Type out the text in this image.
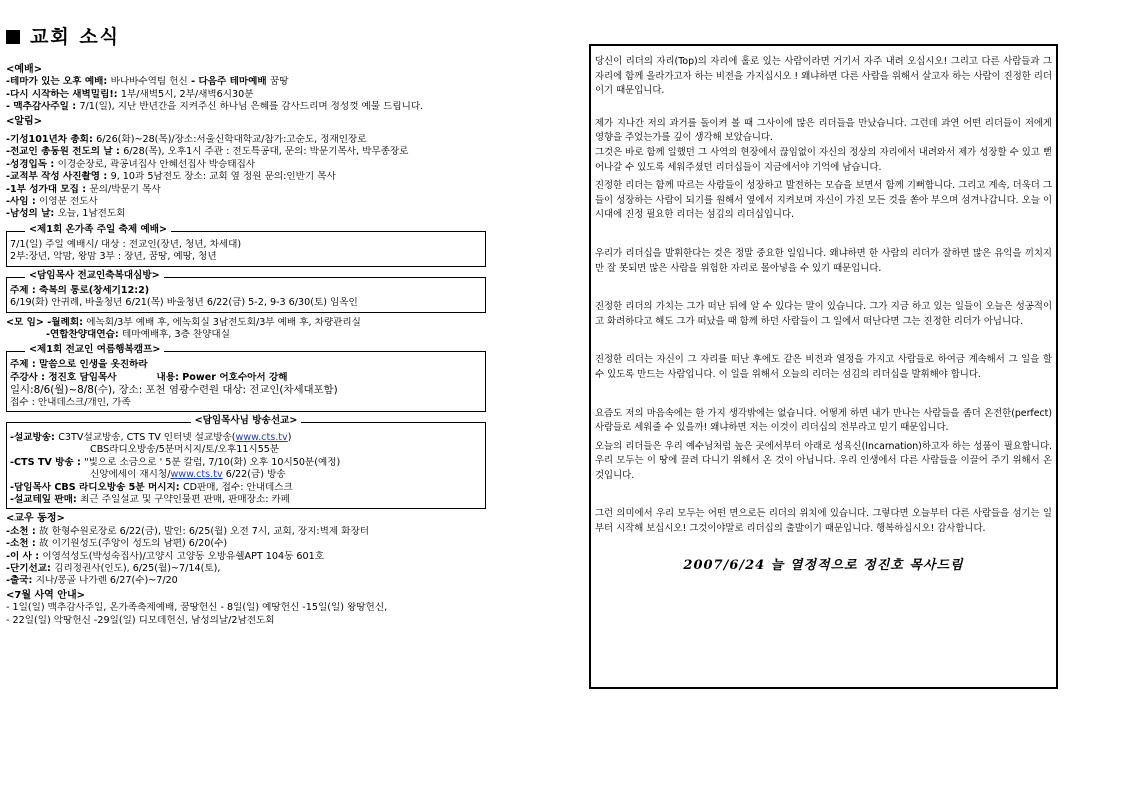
교회 소식
<예배>
-테마가 있는 오후 예배: 바나바수역팀 헌신 - 다음주 테마예배 꿈땅
-다시 시작하는 새벽밀림!: 1부/새벽5시, 2부/새벽6시30분
- 맥추감사주일 : 7/1(일), 지난 반년간을 지켜주신 하나님 은혜를 감사드리며 정성껏 예물 드립니다.
<알림>
-기성101년차 총회: 6/26(화)~28(목)/장소:서울신학대학교/참가:고순도, 정재인장로
-전교인 총동원 전도의 날 : 6/28(목), 오후1시 주관 : 전도특공대, 문의: 박문기목사, 박무종장로
-성경입독 : 이경순장로, 곽공녀집사 안혜선집사 박승태집사
-교적부 작성 사진촬영 : 9, 10과 5남전도 장소: 교회 옆 정원 문의:인반기 목사
-1부 성가대 모집 : 문의/박문기 목사
-사임 : 이영분 전도사
-남성의 날: 오늘, 1남전도회
<제1회 온가족 주일 축제 예배>
7/1(일) 주일 예배시/ 대상 : 전교인(장년, 청년, 차세대)
2부:장년, 악맘, 왕맘 3부 : 장년, 꿈땅, 예땅, 청년
<담임목사 전교인축복대심방>
주제 : 축복의 통로(창세기12:2)
6/19(화) 안귀례, 바울청년 6/21(목) 바울청년 6/22(금) 5-2, 9-3 6/30(토) 임옥인
<모 임> -월례회: 에녹회/3부 예배 후, 에녹회실 3남전도회/3부 예배 후, 차량관리실
-연합찬양대연습: 테마예배후, 3층 찬양대실
<제1회 전교인 여름행복캠프>
주제 : 말씀으로 인생을 옷진하라
주강사 : 정진호 담임목사	내용: Power 어호수아서 강해
일시:8/6(월)~8/8(수), 장소: 포천 염광수련원 대상: 전교인(차세대포함)
접수 : 안내데스크/개인, 가족
<담임목사님 방송선교>
-설교방송: C3TV설교방송, CTS TV 인터넷 설교방송(www.cts.tv)
CBS라디오방송/5분머시지/토/오후11시55분
-CTS TV 방송 : "빛으로 소금으로 ' 5분 칼럼, 7/10(화) 오후 10시50분(예정)
신앙에세이 재시청/www.cts.tv 6/22(금) 방송
-담임목사 CBS 라디오방송 5분 머시지: CD판매, 접수: 안내데스크
-설교테잎 판매: 최근 주일설교 및 구약인물편 판매, 판매장소: 카페
<교우 동정>
-소천 : 故 한형수원로장로 6/22(금), 발인: 6/25(월) 오전 7시, 교회, 장지:벽제 화장터
-소천 : 故 이기원성도(주앙이 성도의 남편) 6/20(수)
-이 사 : 이영석성도(박성숙집사)/고양시 고양동 오방유쉘APT 104동 601호
-단기선교: 김리정권사(인도), 6/25(월)~7/14(토),
-출국: 지나/몽골 나가렌 6/27(수)~7/20
<7월 사역 안내>
- 1일(일) 맥추감사주일, 온가족축제예배, 꿈땅헌신 - 8일(일) 예땅헌신 -15일(일) 왕땅헌신,
- 22일(일) 악땅헌신 -29일(일) 디모데헌신, 남성의날/2남전도회

당신이 리더의 자리(Top)의 자리에 홀로 있는 사람이라면 거기서 자주 내려 오십시오! 그리고 다른 사람들과 그 자리에 함께 올라가고자 하는 비전을 가지십시오 ! 왜냐하면 다른 사람을 위해서 살고자 하는 사람이 진정한 리더이기 때문입니다.

제가 지나간 저의 과거를 돌이켜 볼 때 그사이에 많은 리더들을 만났습니다. 그런데 과연 어떤 리더들이 저에게 영향을 주었는가를 깊이 생각해 보았습니다.

그것은 바로 함께 일했던 그 사역의 현장에서 끊임없이 자신의 정상의 자리에서 내려와서 제가 성장할 수 있고 뻗어나갈 수 있도록 세워주셨던 리더십들이 지금에서야 기억에 남습니다.

진정한 리더는 함께 따르는 사람들이 성장하고 발전하는 모습을 보면서 함께 기뻐합니다. 그리고 계속, 더욱더 그들이 성장하는 사람이 되기를 원해서 옆에서 지켜보며 자신이 가진 모든 것을 쏟아 부으며 섬겨나갑니다. 오늘 이 시대에 진정 필요한 리더는 섬김의 리더십입니다.

우리가 리더십을 발휘한다는 것은 정말 중요한 일입니다. 왜냐하면 한 사람의 리더가 잘하면 많은 유익을 끼치지만 잘 못되면 많은 사람을 위험한 자리로 몰아넣을 수 있기 때문입니다.

진정한 리더의 가치는 그가 떠난 뒤에 알 수 있다는 말이 있습니다. 그가 지금 하고 있는 일들이 오늘은 성공적이고 화려하다고 해도 그가 떠났을 때 함께 하던 사람들이 그 일에서 떠난다면 그는 진정한 리더가 아닙니다.

진정한 리더는 자신이 그 자리를 떠난 후에도 같은 비전과 열정을 가지고 사람들로 하여금 계속해서 그 일을 할 수 있도록 만드는 사람입니다. 이 일을 위해서 오늘의 리더는 섬김의 리더십을 발휘해야 합니다.

요즘도 저의 마음속에는 한 가지 생각밖에는 없습니다. 어떻게 하면 내가 만나는 사람들을 좀더 온전한(perfect)사람들로 세워줄 수 있을까! 왜냐하면 저는 이것이 리더십의 전부라고 믿기 때문입니다.

오늘의 리더들은 우리 예수님처럼 높은 곳에서부터 아래로 성육신(Incarnation)하고자 하는 성품이 필요합니다. 우리 모두는 이 땅에 끌려 다니기 위해서 온 것이 아닙니다. 우리 인생에서 다른 사람들을 이끌어 주기 위해서 온 것입니다.

그런 의미에서 우리 모두는 어떤 면으로든 리더의 위치에 있습니다. 그렇다면 오늘부터 다른 사람들을 섬기는 일부터 시작해 보십시오! 그것이야말로 리더십의 출발이기 때문입니다. 행복하십시오! 감사합니다.

2007/6/24 늘 열정적으로 정진호 목사드림
